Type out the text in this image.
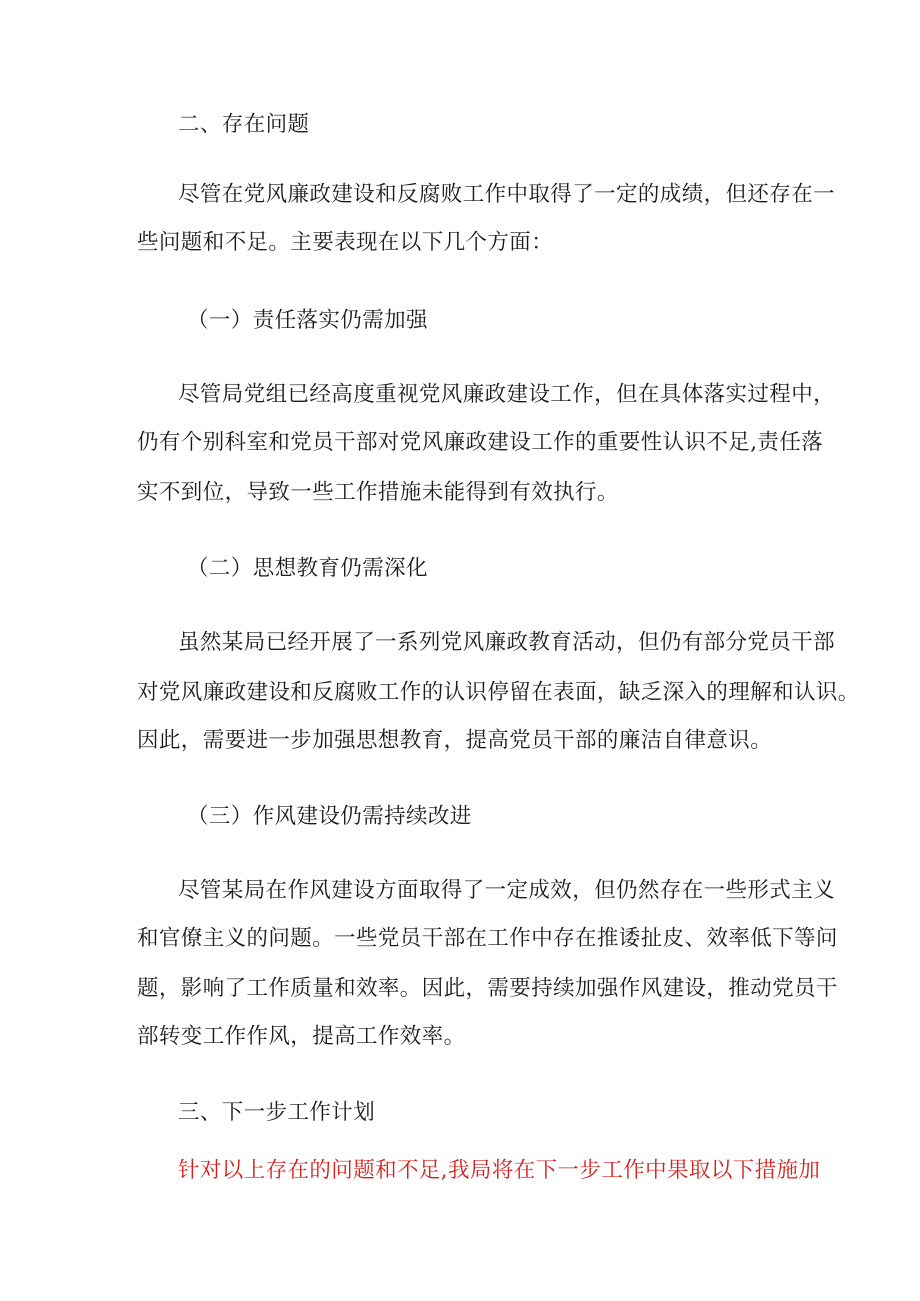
二、存在问题
尽管在党风廉政建设和反腐败工作中取得了一定的成绩，但还存在一
些问题和不足。主要表现在以下几个方面：
（一）责任落实仍需加强
尽管局党组已经高度重视党风廉政建设工作，但在具体落实过程中，
仍有个别科室和党员干部对党风廉政建设工作的重要性认识不足,责任落
实不到位，导致一些工作措施未能得到有效执行。
（二）思想教育仍需深化
虽然某局已经开展了一系列党风廉政教育活动，但仍有部分党员干部
对党风廉政建设和反腐败工作的认识停留在表面，缺乏深入的理解和认识。
因此，需要进一步加强思想教育，提高党员干部的廉洁自律意识。
（三）作风建设仍需持续改进
尽管某局在作风建设方面取得了一定成效，但仍然存在一些形式主义
和官僚主义的问题。一些党员干部在工作中存在推诿扯皮、效率低下等问
题，影响了工作质量和效率。因此，需要持续加强作风建设，推动党员干
部转变工作作风，提高工作效率。
三、下一步工作计划
针对以上存在的问题和不足,我局将在下一步工作中果取以下措施加
